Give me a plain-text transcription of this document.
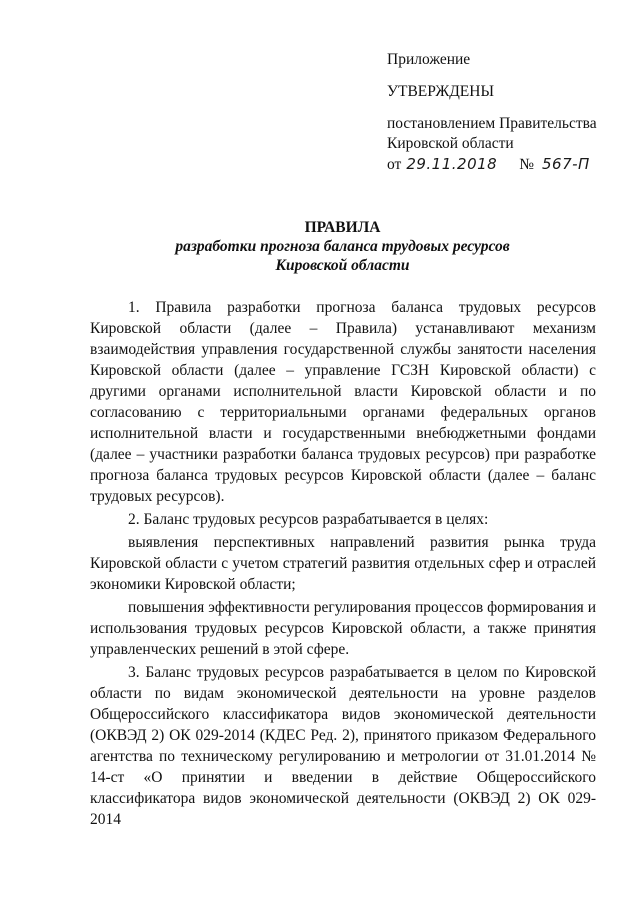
Приложение
УТВЕРЖДЕНЫ
постановлением Правительства
Кировской области
от 29.11.2018 № 567-П
ПРАВИЛА
разработки прогноза баланса трудовых ресурсов
Кировской области

1. Правила разработки прогноза баланса трудовых ресурсов Кировской области (далее – Правила) устанавливают механизм взаимодействия управления государственной службы занятости населения Кировской области (далее – управление ГСЗН Кировской области) с другими органами исполнительной власти Кировской области и по согласованию с территориальными органами федеральных органов исполнительной власти и государственными внебюджетными фондами (далее – участники разработки баланса трудовых ресурсов) при разработке прогноза баланса трудовых ресурсов Кировской области (далее – баланс трудовых ресурсов).

2. Баланс трудовых ресурсов разрабатывается в целях:

выявления перспективных направлений развития рынка труда Кировской области с учетом стратегий развития отдельных сфер и отраслей экономики Кировской области;

повышения эффективности регулирования процессов формирования и использования трудовых ресурсов Кировской области, а также принятия управленческих решений в этой сфере.

3. Баланс трудовых ресурсов разрабатывается в целом по Кировской области по видам экономической деятельности на уровне разделов Общероссийского классификатора видов экономической деятельности (ОКВЭД 2) ОК 029-2014 (КДЕС Ред. 2), принятого приказом Федерального агентства по техническому регулированию и метрологии от 31.01.2014 № 14-ст «О принятии и введении в действие Общероссийского классификатора видов экономической деятельности (ОКВЭД 2) ОК 029-2014
